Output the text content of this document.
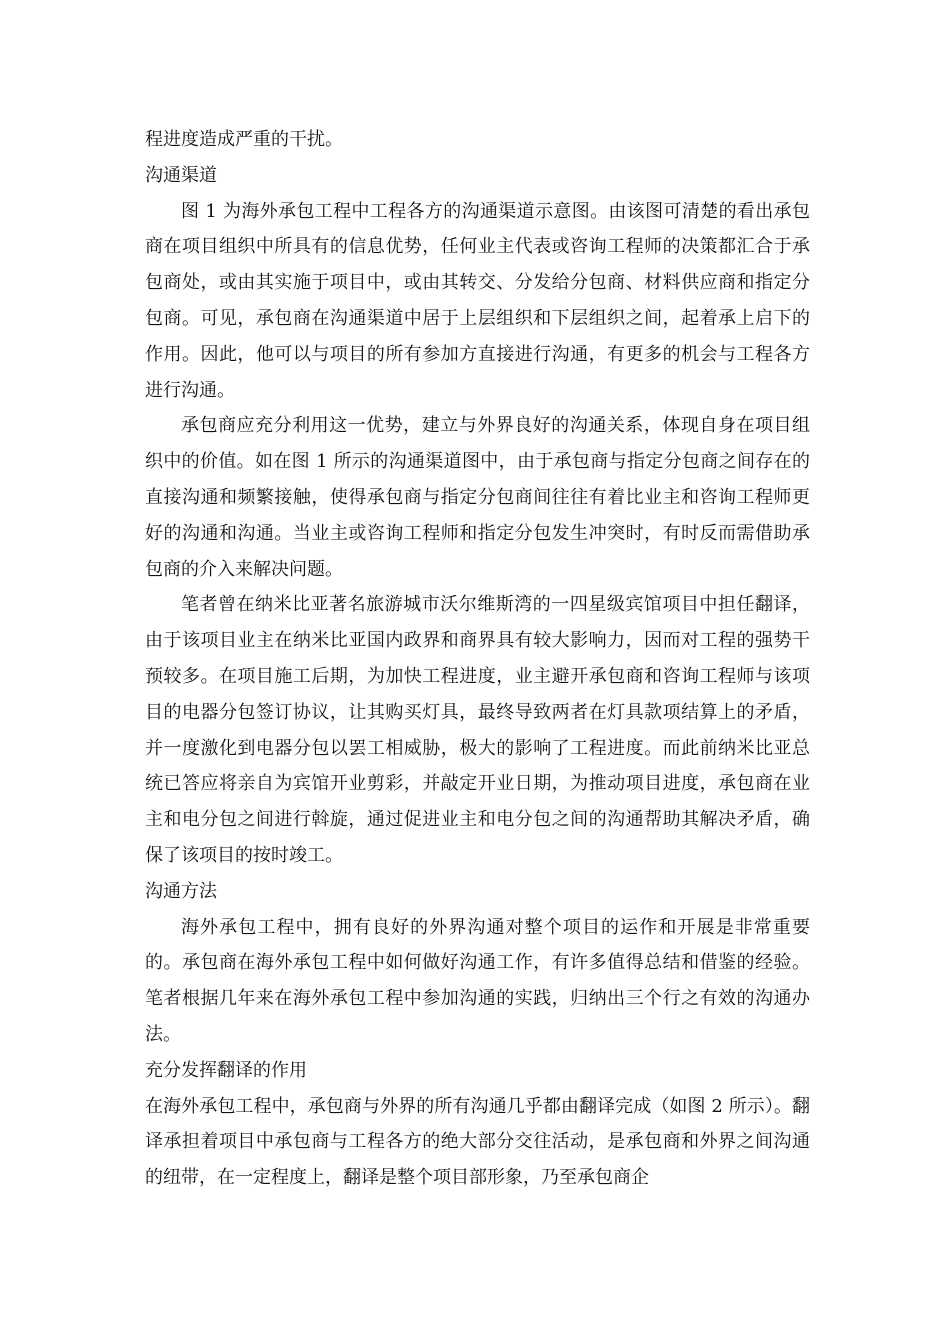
程进度造成严重的干扰。

沟通渠道

图 1 为海外承包工程中工程各方的沟通渠道示意图。由该图可清楚的看出承包商在项目组织中所具有的信息优势，任何业主代表或咨询工程师的决策都汇合于承包商处，或由其实施于项目中，或由其转交、分发给分包商、材料供应商和指定分包商。可见，承包商在沟通渠道中居于上层组织和下层组织之间，起着承上启下的作用。因此，他可以与项目的所有参加方直接进行沟通，有更多的机会与工程各方进行沟通。

承包商应充分利用这一优势，建立与外界良好的沟通关系，体现自身在项目组织中的价值。如在图 1 所示的沟通渠道图中，由于承包商与指定分包商之间存在的直接沟通和频繁接触，使得承包商与指定分包商间往往有着比业主和咨询工程师更好的沟通和沟通。当业主或咨询工程师和指定分包发生冲突时，有时反而需借助承包商的介入来解决问题。

笔者曾在纳米比亚著名旅游城市沃尔维斯湾的一四星级宾馆项目中担任翻译，由于该项目业主在纳米比亚国内政界和商界具有较大影响力，因而对工程的强势干预较多。在项目施工后期，为加快工程进度，业主避开承包商和咨询工程师与该项目的电器分包签订协议，让其购买灯具，最终导致两者在灯具款项结算上的矛盾，并一度激化到电器分包以罢工相威胁，极大的影响了工程进度。而此前纳米比亚总统已答应将亲自为宾馆开业剪彩，并敲定开业日期，为推动项目进度，承包商在业主和电分包之间进行斡旋，通过促进业主和电分包之间的沟通帮助其解决矛盾，确保了该项目的按时竣工。

沟通方法

海外承包工程中，拥有良好的外界沟通对整个项目的运作和开展是非常重要的。承包商在海外承包工程中如何做好沟通工作，有许多值得总结和借鉴的经验。笔者根据几年来在海外承包工程中参加沟通的实践，归纳出三个行之有效的沟通办法。

充分发挥翻译的作用

在海外承包工程中，承包商与外界的所有沟通几乎都由翻译完成（如图 2 所示）。翻译承担着项目中承包商与工程各方的绝大部分交往活动，是承包商和外界之间沟通的纽带，在一定程度上，翻译是整个项目部形象，乃至承包商企
